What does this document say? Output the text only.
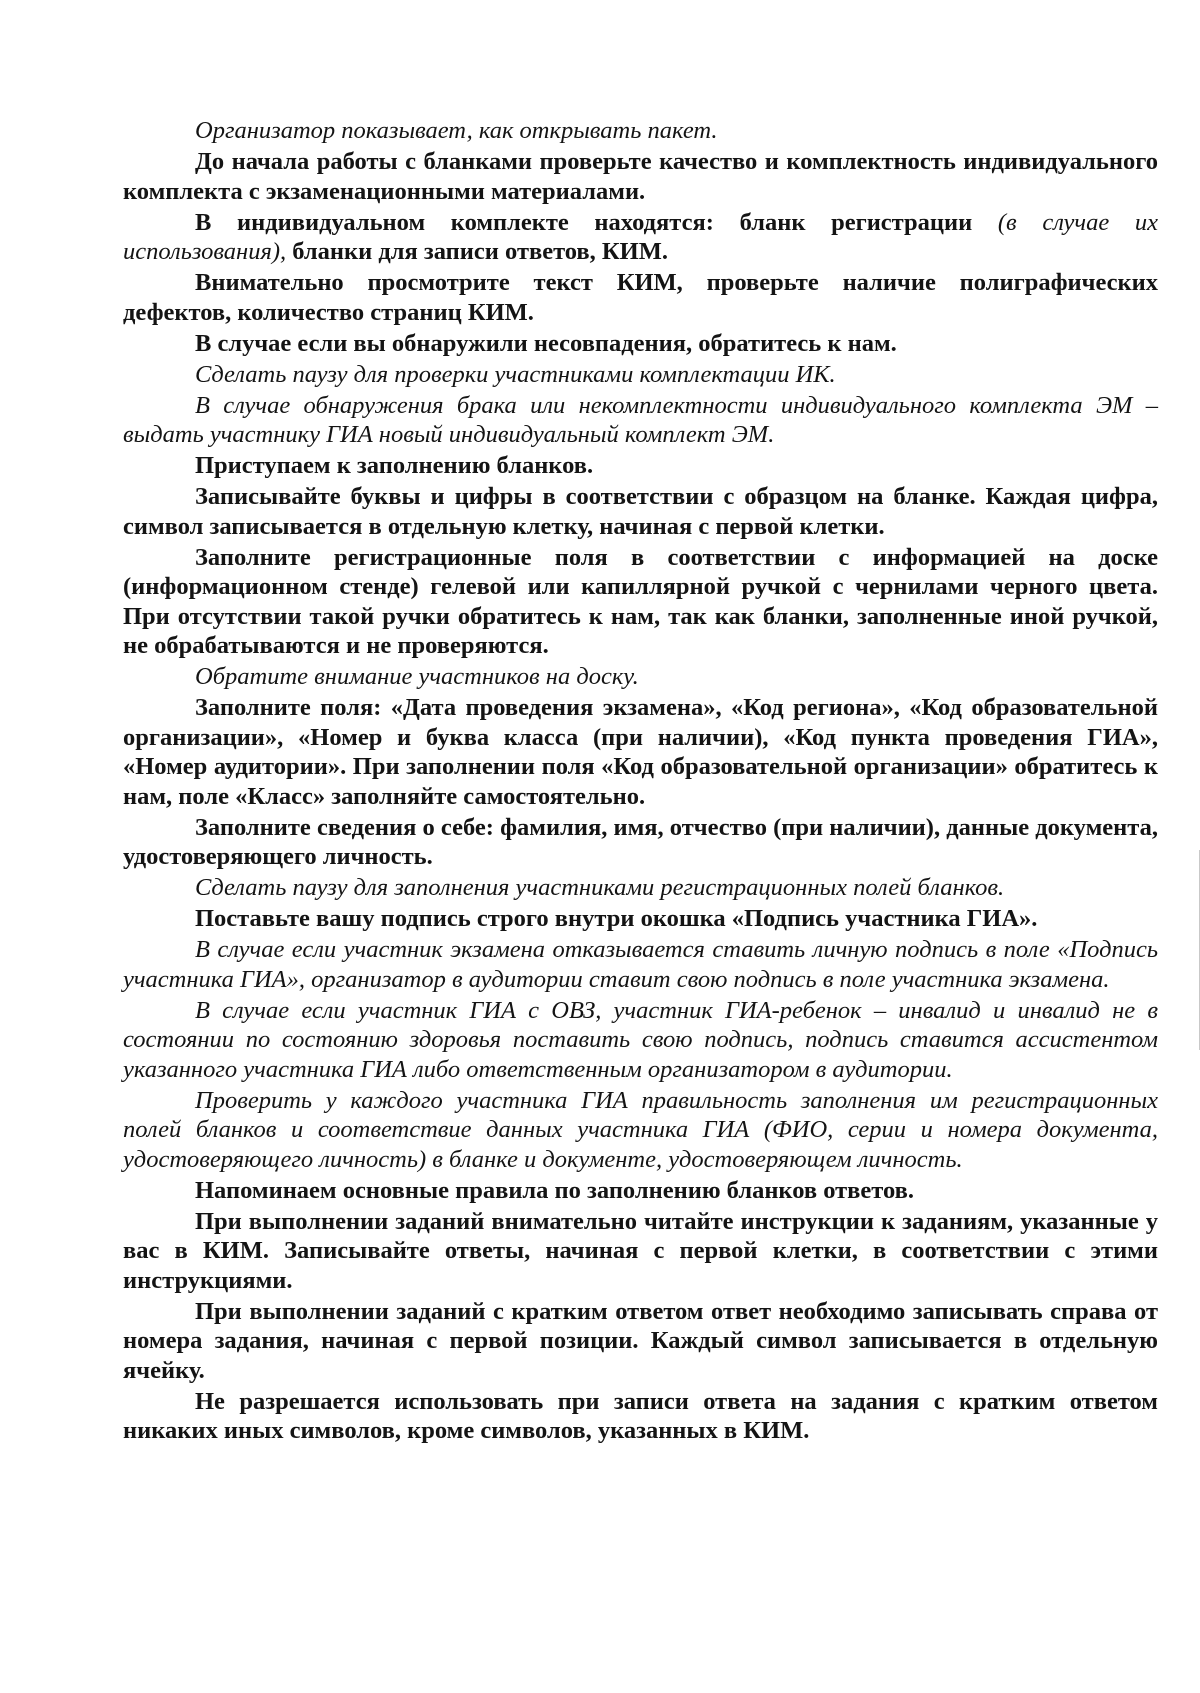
Организатор показывает, как открывать пакет.

До начала работы с бланками проверьте качество и комплектность индивидуального комплекта с экзаменационными материалами.

В индивидуальном комплекте находятся: бланк регистрации (в случае их использования), бланки для записи ответов, КИМ.

Внимательно просмотрите текст КИМ, проверьте наличие полиграфических дефектов, количество страниц КИМ.

В случае если вы обнаружили несовпадения, обратитесь к нам.

Сделать паузу для проверки участниками комплектации ИК.

В случае обнаружения брака или некомплектности индивидуального комплекта ЭМ – выдать участнику ГИА новый индивидуальный комплект ЭМ.

Приступаем к заполнению бланков.

Записывайте буквы и цифры в соответствии с образцом на бланке. Каждая цифра, символ записывается в отдельную клетку, начиная с первой клетки.

Заполните регистрационные поля в соответствии с информацией на доске (информационном стенде) гелевой или капиллярной ручкой с чернилами черного цвета. При отсутствии такой ручки обратитесь к нам, так как бланки, заполненные иной ручкой, не обрабатываются и не проверяются.

Обратите внимание участников на доску.

Заполните поля: «Дата проведения экзамена», «Код региона», «Код образовательной организации», «Номер и буква класса (при наличии), «Код пункта проведения ГИА», «Номер аудитории». При заполнении поля «Код образовательной организации» обратитесь к нам, поле «Класс» заполняйте самостоятельно.

Заполните сведения о себе: фамилия, имя, отчество (при наличии), данные документа, удостоверяющего личность.

Сделать паузу для заполнения участниками регистрационных полей бланков.

Поставьте вашу подпись строго внутри окошка «Подпись участника ГИА».

В случае если участник экзамена отказывается ставить личную подпись в поле «Подпись участника ГИА», организатор в аудитории ставит свою подпись в поле участника экзамена.

В случае если участник ГИА с ОВЗ, участник ГИА-ребенок – инвалид и инвалид не в состоянии по состоянию здоровья поставить свою подпись, подпись ставится ассистентом указанного участника ГИА либо ответственным организатором в аудитории.

Проверить у каждого участника ГИА правильность заполнения им регистрационных полей бланков и соответствие данных участника ГИА (ФИО, серии и номера документа, удостоверяющего личность) в бланке и документе, удостоверяющем личность.

Напоминаем основные правила по заполнению бланков ответов.

При выполнении заданий внимательно читайте инструкции к заданиям, указанные у вас в КИМ. Записывайте ответы, начиная с первой клетки, в соответствии с этими инструкциями.

При выполнении заданий с кратким ответом ответ необходимо записывать справа от номера задания, начиная с первой позиции. Каждый символ записывается в отдельную ячейку.

Не разрешается использовать при записи ответа на задания с кратким ответом никаких иных символов, кроме символов, указанных в КИМ.
